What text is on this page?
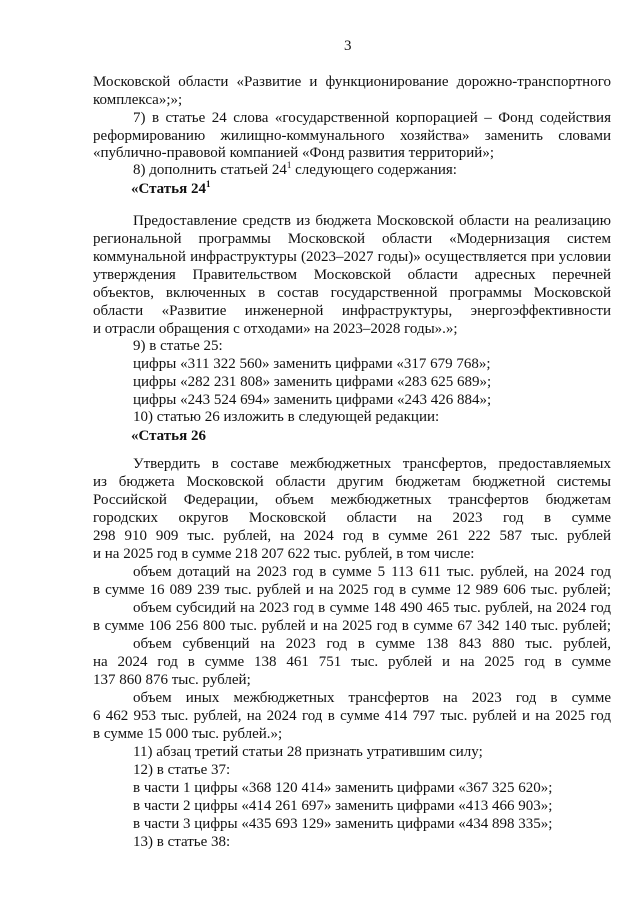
3
Московской области «Развитие и функционирование дорожно-транспортного
комплекса»;»;
7) в статье 24 слова «государственной корпорацией – Фонд содействия
реформированию жилищно-коммунального хозяйства» заменить словами
«публично-правовой компанией «Фонд развития территорий»;
8) дополнить статьей $24^1$ следующего содержания:
«Статья $24^1$
Предоставление средств из бюджета Московской области на реализацию
региональной программы Московской области «Модернизация систем
коммунальной инфраструктуры (2023–2027 годы)» осуществляется при условии
утверждения Правительством Московской области адресных перечней
объектов, включенных в состав государственной программы Московской
области «Развитие инженерной инфраструктуры, энергоэффективности
и отрасли обращения с отходами» на 2023–2028 годы».»;
9) в статье 25:
цифры «311 322 560» заменить цифрами «317 679 768»;
цифры «282 231 808» заменить цифрами «283 625 689»;
цифры «243 524 694» заменить цифрами «243 426 884»;
10) статью 26 изложить в следующей редакции:
«Статья 26
Утвердить в составе межбюджетных трансфертов, предоставляемых
из бюджета Московской области другим бюджетам бюджетной системы
Российской Федерации, объем межбюджетных трансфертов бюджетам
городских округов Московской области на 2023 год в сумме
298 910 909 тыс. рублей, на 2024 год в сумме 261 222 587 тыс. рублей
и на 2025 год в сумме 218 207 622 тыс. рублей, в том числе:
объем дотаций на 2023 год в сумме 5 113 611 тыс. рублей, на 2024 год
в сумме 16 089 239 тыс. рублей и на 2025 год в сумме 12 989 606 тыс. рублей;
объем субсидий на 2023 год в сумме 148 490 465 тыс. рублей, на 2024 год
в сумме 106 256 800 тыс. рублей и на 2025 год в сумме 67 342 140 тыс. рублей;
объем субвенций на 2023 год в сумме 138 843 880 тыс. рублей,
на 2024 год в сумме 138 461 751 тыс. рублей и на 2025 год в сумме
137 860 876 тыс. рублей;
объем иных межбюджетных трансфертов на 2023 год в сумме
6 462 953 тыс. рублей, на 2024 год в сумме 414 797 тыс. рублей и на 2025 год
в сумме 15 000 тыс. рублей.»;
11) абзац третий статьи 28 признать утратившим силу;
12) в статье 37:
в части 1 цифры «368 120 414» заменить цифрами «367 325 620»;
в части 2 цифры «414 261 697» заменить цифрами «413 466 903»;
в части 3 цифры «435 693 129» заменить цифрами «434 898 335»;
13) в статье 38:
